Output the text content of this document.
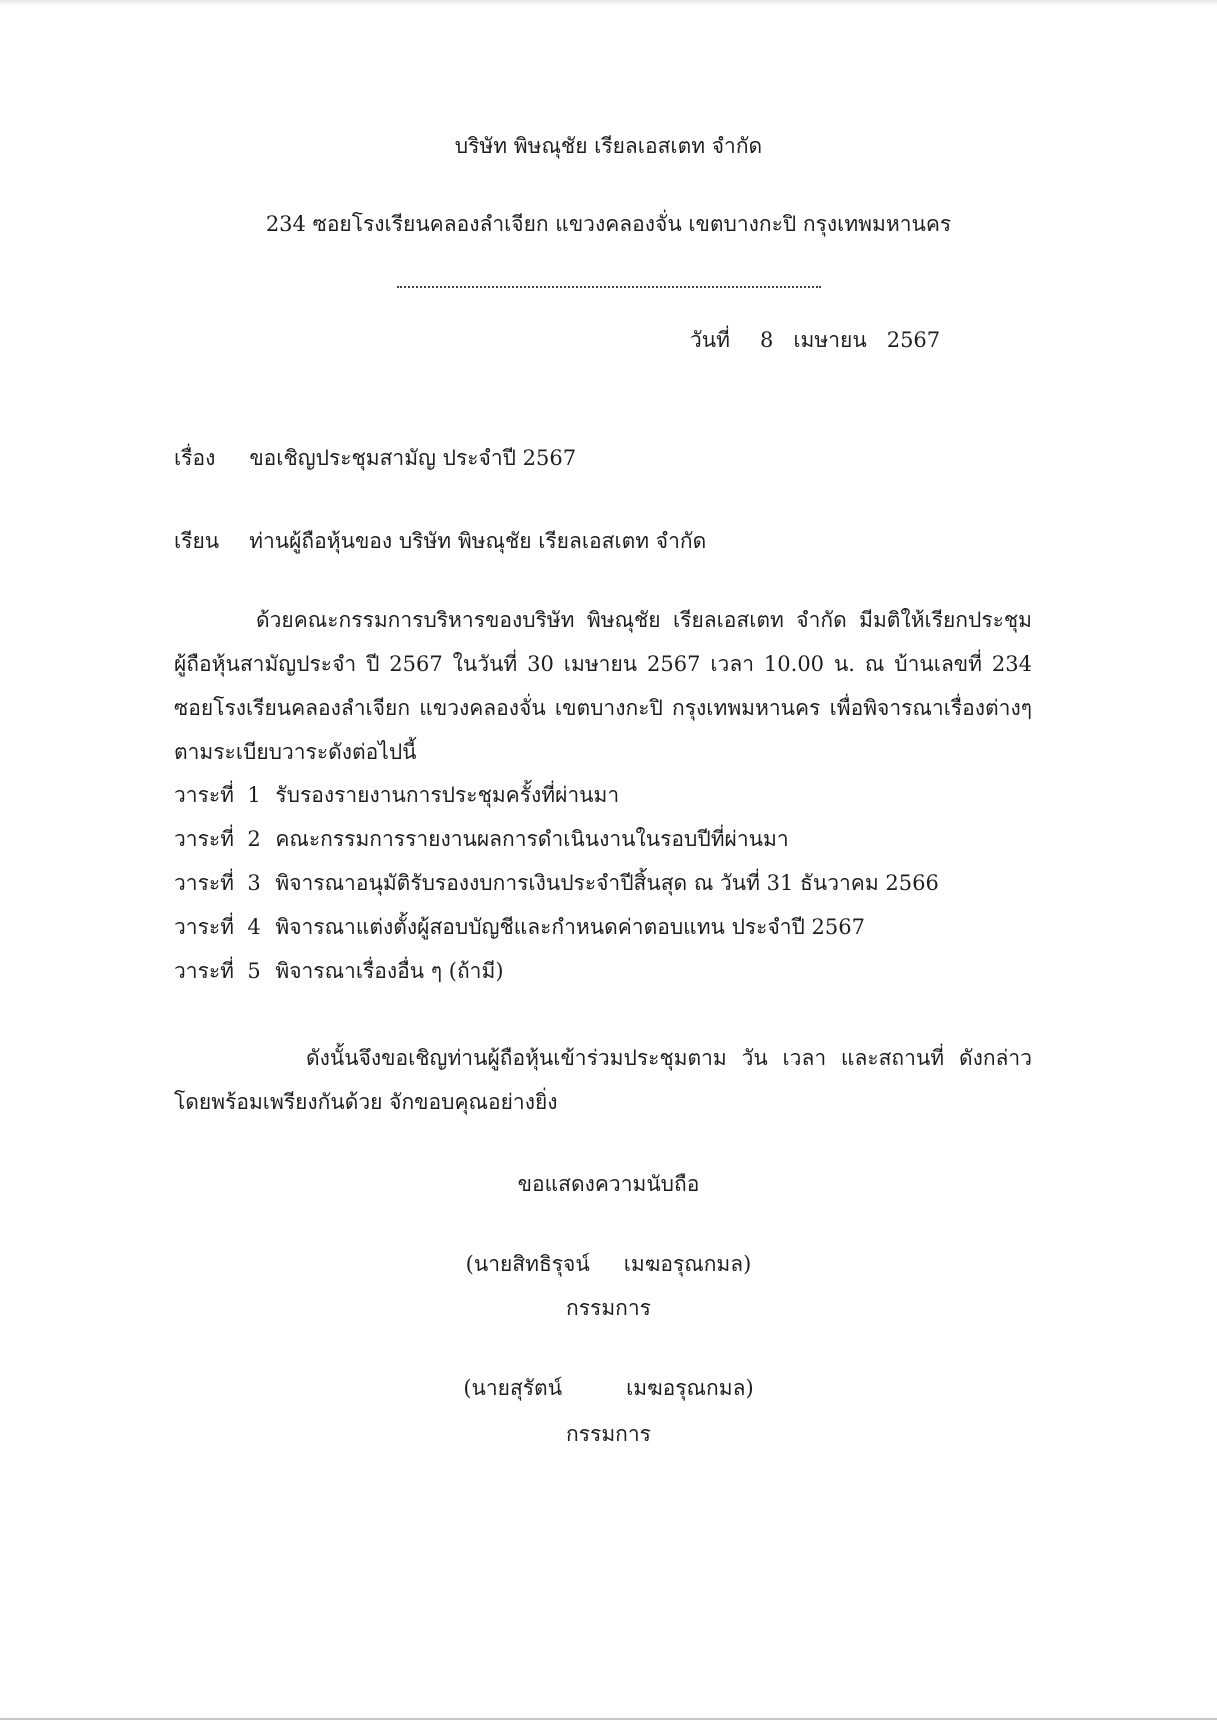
บริษัท พิษณุชัย เรียลเอสเตท จำกัด
234 ซอยโรงเรียนคลองลำเจียก แขวงคลองจั่น เขตบางกะปิ กรุงเทพมหานคร
วันที่ 8 เมษายน 2567
เรื่อง ขอเชิญประชุมสามัญ ประจำปี 2567
เรียน ท่านผู้ถือหุ้นของ บริษัท พิษณุชัย เรียลเอสเตท จำกัด
ด้วยคณะกรรมการบริหารของบริษัท พิษณุชัย เรียลเอสเตท จำกัด มีมติให้เรียกประชุม
ผู้ถือหุ้นสามัญประจำ ปี 2567 ในวันที่ 30 เมษายน 2567 เวลา 10.00 น. ณ บ้านเลขที่ 234
ซอยโรงเรียนคลองลำเจียก แขวงคลองจั่น เขตบางกะปิ กรุงเทพมหานคร เพื่อพิจารณาเรื่องต่างๆ
ตามระเบียบวาระดังต่อไปนี้
วาระที่ 1 รับรองรายงานการประชุมครั้งที่ผ่านมา
วาระที่ 2 คณะกรรมการรายงานผลการดำเนินงานในรอบปีที่ผ่านมา
วาระที่ 3 พิจารณาอนุมัติรับรองงบการเงินประจำปีสิ้นสุด ณ วันที่ 31 ธันวาคม 2566
วาระที่ 4 พิจารณาแต่งตั้งผู้สอบบัญชีและกำหนดค่าตอบแทน ประจำปี 2567
วาระที่ 5 พิจารณาเรื่องอื่น ๆ (ถ้ามี)
ดังนั้นจึงขอเชิญท่านผู้ถือหุ้นเข้าร่วมประชุมตาม วัน เวลา และสถานที่ ดังกล่าว
โดยพร้อมเพรียงกันด้วย จักขอบคุณอย่างยิ่ง
ขอแสดงความนับถือ
(นายสิทธิรุจน์ เมฆอรุณกมล)
กรรมการ
(นายสุรัตน์	เมฆอรุณกมล)
กรรมการ
